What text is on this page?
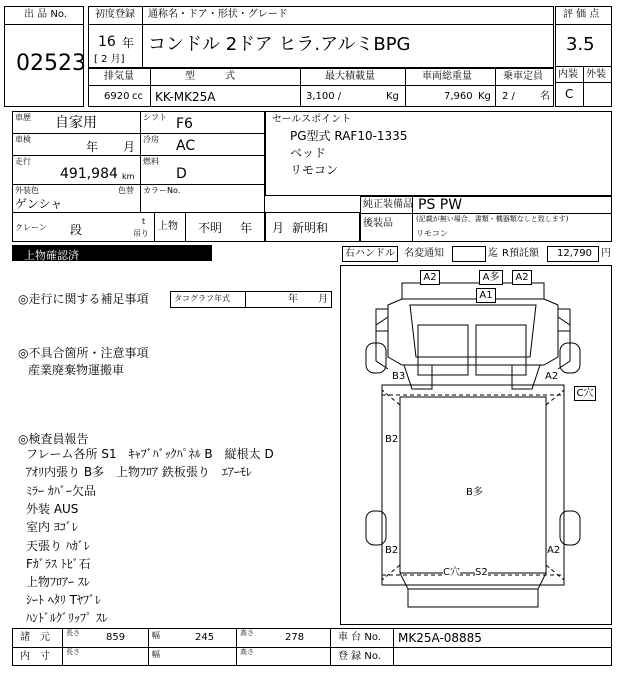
出 品 No.
02523
初度登録 通称名・ドア・形状・グレード
16 年
[ 2 月]
コンドル 2ドア ヒラ.アルミBPG
評 価 点
3.5
内装 外装
C
排気量	型　　　式	最大積載量	車両総重量	乗車定員
6920 cc KK-MK25A	3,100 /	Kg	7,960 Kg 2 /	名
車歴 自家用	シフト F6
車検
年 月
冷房 AC
走行
491,984 km
燃料
D
外装色
ゲンシャ
色替 カラーNo.
クレーン 段
t
吊り
上物 不明 年 月 新明和
セールスポイント
PG型式 RAF10-1335
ベッド
リモコン
純正装備品 PS PW
後装品	(記載が無い場合、書類・機器類なしと致します)
リモコン
上物確認済	右ハンドル 名変通知	迄 R預託額 12,790 円
◎走行に関する補足事項	タコグラフ年式	年 月
◎不具合箇所・注意事項
産業廃棄物運搬車
◎検査員報告
フレーム各所 S1　ｷｬﾌﾞﾊﾞｯｸﾊﾟﾈﾙ B　縦根太 D
ｱｵﾘ内張り B多　上物ﾌﾛｱ 鉄板張り　ｴｱｰﾓﾚ
ﾐﾗｰ ｶﾊﾞｰ欠品
外装 AUS
室内 ﾖｺﾞﾚ
天張り ﾊｶﾞﾚ
Fｶﾞﾗｽ ﾄﾋﾞ石
上物ﾌﾛｱｰ ｽﾚ
ｼｰﾄ ﾍﾀﾘ Tﾔﾌﾞﾚ
ﾊﾝﾄﾞﾙｸﾞﾘｯﾌﾟ ｽﾚ
A2	A多	A2
A1
B3	A2
C穴
B2
B多
B2	A2
C穴 S2
諸　元 長さ	859	幅	245	高さ	278	車 台 No. MK25A-08885
内　寸 長さ	幅	高さ	登 録 No.
